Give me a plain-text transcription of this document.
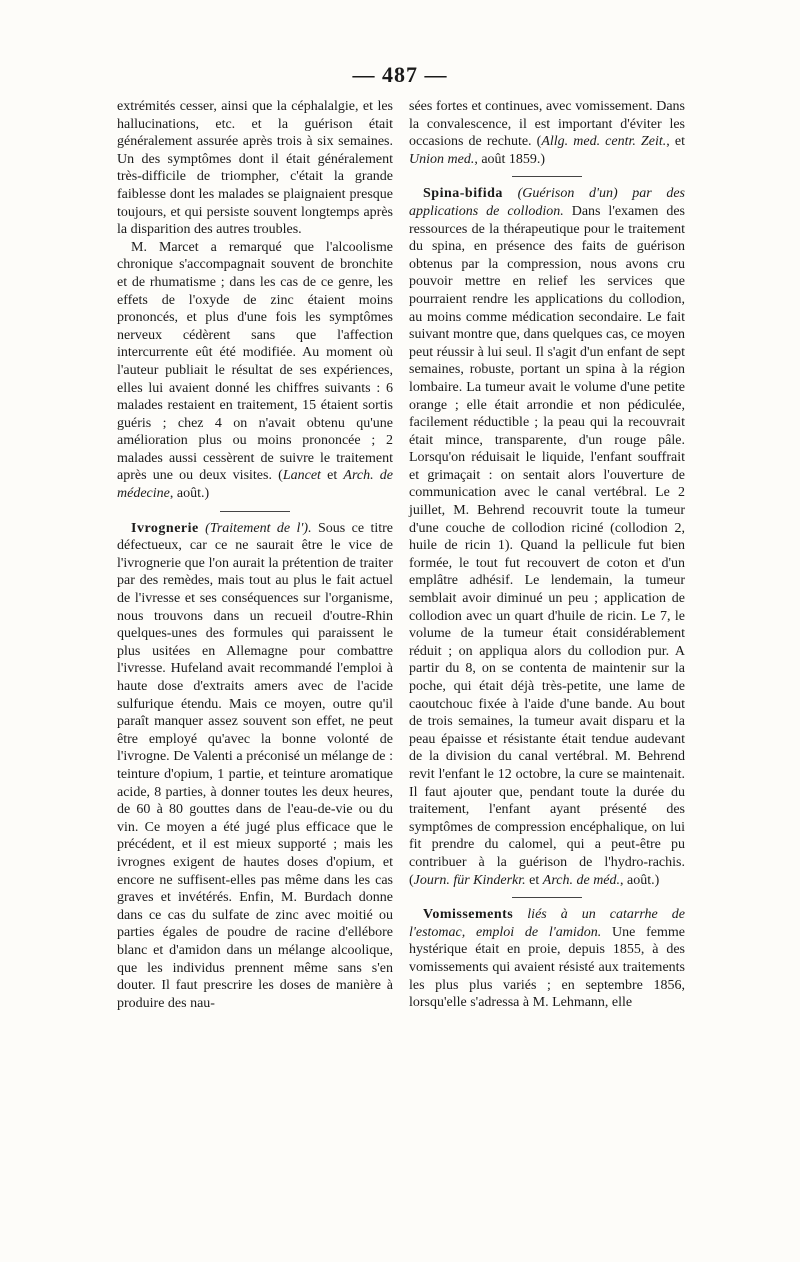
— 487 —

extrémités cesser, ainsi que la céphalalgie, et les hallucinations, etc. et la guérison était généralement assurée après trois à six semaines. Un des symptômes dont il était généralement très-difficile de triompher, c'était la grande faiblesse dont les malades se plaignaient presque toujours, et qui persiste souvent longtemps après la disparition des autres troubles.

M. Marcet a remarqué que l'alcoolisme chronique s'accompagnait souvent de bronchite et de rhumatisme ; dans les cas de ce genre, les effets de l'oxyde de zinc étaient moins prononcés, et plus d'une fois les symptômes nerveux cédèrent sans que l'affection intercurrente eût été modifiée. Au moment où l'auteur publiait le résultat de ses expériences, elles lui avaient donné les chiffres suivants : 6 malades restaient en traitement, 15 étaient sortis guéris ; chez 4 on n'avait obtenu qu'une amélioration plus ou moins prononcée ; 2 malades aussi cessèrent de suivre le traitement après une ou deux visites. (Lancet et Arch. de médecine, août.)

Ivrognerie (Traitement de l'). Sous ce titre défectueux, car ce ne saurait être le vice de l'ivrognerie que l'on aurait la prétention de traiter par des remèdes, mais tout au plus le fait actuel de l'ivresse et ses conséquences sur l'organisme, nous trouvons dans un recueil d'outre-Rhin quelques-unes des formules qui paraissent le plus usitées en Allemagne pour combattre l'ivresse. Hufeland avait recommandé l'emploi à haute dose d'extraits amers avec de l'acide sulfurique étendu. Mais ce moyen, outre qu'il paraît manquer assez souvent son effet, ne peut être employé qu'avec la bonne volonté de l'ivrogne. De Valenti a préconisé un mélange de : teinture d'opium, 1 partie, et teinture aromatique acide, 8 parties, à donner toutes les deux heures, de 60 à 80 gouttes dans de l'eau-de-vie ou du vin. Ce moyen a été jugé plus efficace que le précédent, et il est mieux supporté ; mais les ivrognes exigent de hautes doses d'opium, et encore ne suffisent-elles pas même dans les cas graves et invétérés. Enfin, M. Burdach donne dans ce cas du sulfate de zinc avec moitié ou parties égales de poudre de racine d'ellébore blanc et d'amidon dans un mélange alcoolique, que les individus prennent même sans s'en douter. Il faut prescrire les doses de manière à produire des nau-

sées fortes et continues, avec vomissement. Dans la convalescence, il est important d'éviter les occasions de rechute. (Allg. med. centr. Zeit., et Union med., août 1859.)

Spina-bifida (Guérison d'un) par des applications de collodion. Dans l'examen des ressources de la thérapeutique pour le traitement du spina, en présence des faits de guérison obtenus par la compression, nous avons cru pouvoir mettre en relief les services que pourraient rendre les applications du collodion, au moins comme médication secondaire. Le fait suivant montre que, dans quelques cas, ce moyen peut réussir à lui seul. Il s'agit d'un enfant de sept semaines, robuste, portant un spina à la région lombaire. La tumeur avait le volume d'une petite orange ; elle était arrondie et non pédiculée, facilement réductible ; la peau qui la recouvrait était mince, transparente, d'un rouge pâle. Lorsqu'on réduisait le liquide, l'enfant souffrait et grimaçait : on sentait alors l'ouverture de communication avec le canal vertébral. Le 2 juillet, M. Behrend recouvrit toute la tumeur d'une couche de collodion riciné (collodion 2, huile de ricin 1). Quand la pellicule fut bien formée, le tout fut recouvert de coton et d'un emplâtre adhésif. Le lendemain, la tumeur semblait avoir diminué un peu ; application de collodion avec un quart d'huile de ricin. Le 7, le volume de la tumeur était considérablement réduit ; on appliqua alors du collodion pur. A partir du 8, on se contenta de maintenir sur la poche, qui était déjà très-petite, une lame de caoutchouc fixée à l'aide d'une bande. Au bout de trois semaines, la tumeur avait disparu et la peau épaisse et résistante était tendue audevant de la division du canal vertébral. M. Behrend revit l'enfant le 12 octobre, la cure se maintenait. Il faut ajouter que, pendant toute la durée du traitement, l'enfant ayant présenté des symptômes de compression encéphalique, on lui fit prendre du calomel, qui a peut-être pu contribuer à la guérison de l'hydro-rachis. (Journ. für Kinderkr. et Arch. de méd., août.)

Vomissements liés à un catarrhe de l'estomac, emploi de l'amidon. Une femme hystérique était en proie, depuis 1855, à des vomissements qui avaient résisté aux traitements les plus plus variés ; en septembre 1856, lorsqu'elle s'adressa à M. Lehmann, elle
